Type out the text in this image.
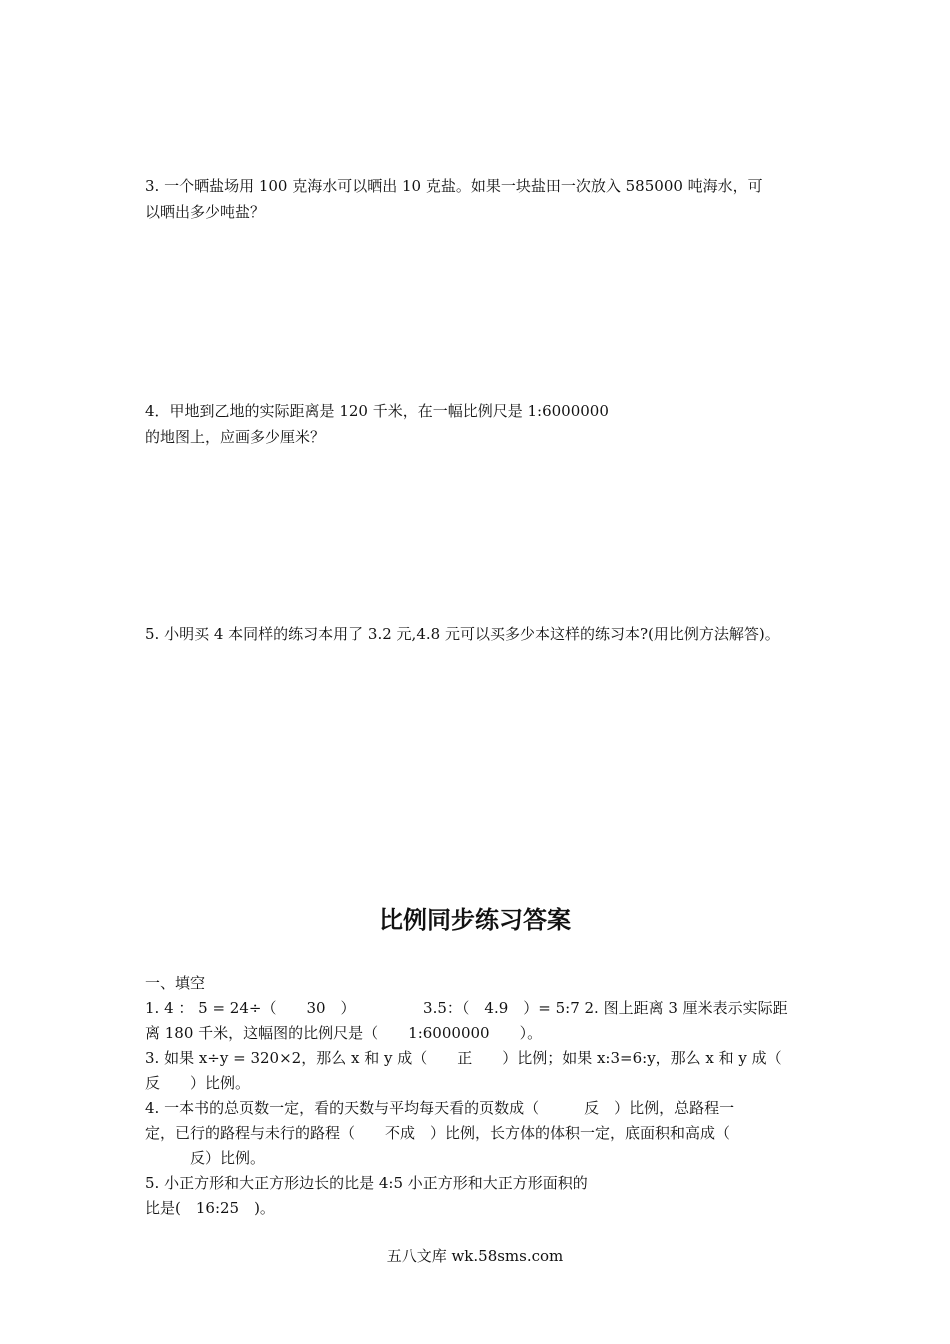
3. 一个晒盐场用 100 克海水可以晒出 10 克盐。如果一块盐田一次放入 585000 吨海水，可
以晒出多少吨盐？
4．甲地到乙地的实际距离是 120 千米，在一幅比例尺是 1:6000000
的地图上，应画多少厘米？
5. 小明买 4 本同样的练习本用了 3.2 元,4.8 元可以买多少本这样的练习本?(用比例方法解答)。
比例同步练习答案
一、填空
1. 4 ： 5 = 24÷（　　30　）　　　　　3.5：（　4.9　）= 5:7 2. 图上距离 3 厘米表示实际距
离 180 千米，这幅图的比例尺是（　　1:6000000　　）。
3. 如果 x÷y = 320×2，那么 x 和 y 成（　　正　　）比例；如果 x:3=6:y，那么 x 和 y 成（
反　　）比例。
4. 一本书的总页数一定，看的天数与平均每天看的页数成（　　　反　）比例，总路程一
定，已行的路程与未行的路程（　　不成　）比例，长方体的体积一定，底面积和高成（
　　　反）比例。
5. 小正方形和大正方形边长的比是 4:5 小正方形和大正方形面积的
比是(　16:25　)。
五八文库 wk.58sms.com
